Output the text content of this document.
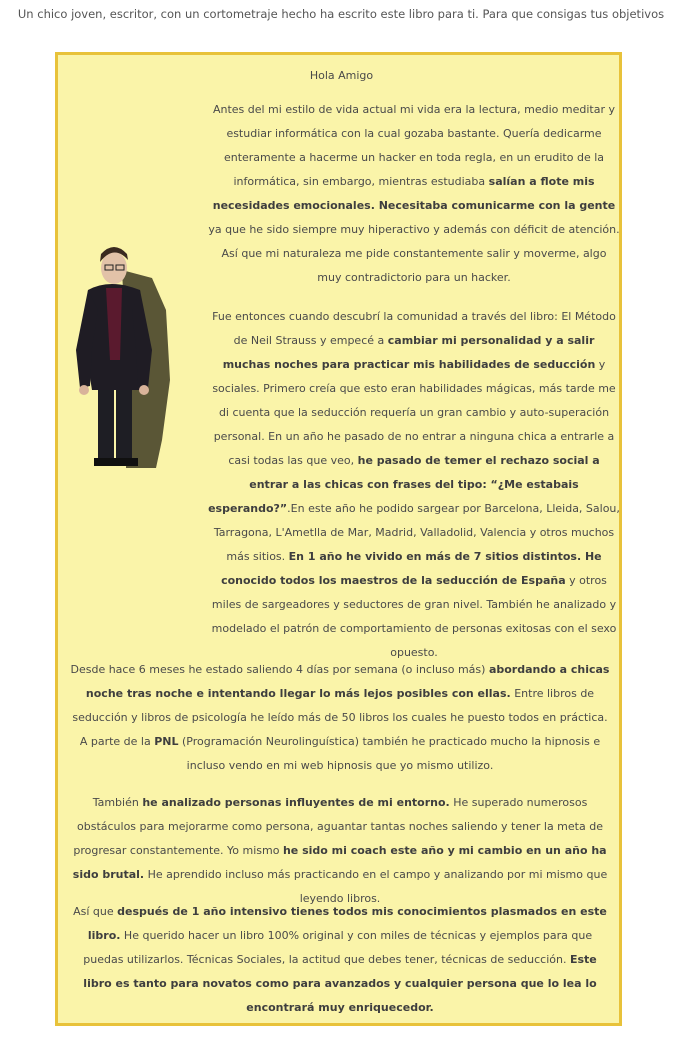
Un chico joven, escritor, con un cortometraje hecho ha escrito este libro para ti. Para que consigas tus objetivos
Hola Amigo
Antes del mi estilo de vida actual mi vida era la lectura, medio meditar y estudiar informática con la cual gozaba bastante. Quería dedicarme enteramente a hacerme un hacker en toda regla, en un erudito de la informática, sin embargo, mientras estudiaba salían a flote mis necesidades emocionales. Necesitaba comunicarme con la gente ya que he sido siempre muy hiperactivo y además con déficit de atención. Así que mi naturaleza me pide constantemente salir y moverme, algo muy contradictorio para un hacker.
Fue entonces cuando descubrí la comunidad a través del libro: El Método de Neil Strauss y empecé a cambiar mi personalidad y a salir muchas noches para practicar mis habilidades de seducción y sociales. Primero creía que esto eran habilidades mágicas, más tarde me di cuenta que la seducción requería un gran cambio y auto-superación personal. En un año he pasado de no entrar a ninguna chica a entrarle a casi todas las que veo, he pasado de temer el rechazo social a entrar a las chicas con frases del tipo: “¿Me estabais esperando?”.En este año he podido sargear por Barcelona, Lleida, Salou, Tarragona, L'Ametlla de Mar, Madrid, Valladolid, Valencia y otros muchos más sitios. En 1 año he vivido en más de 7 sitios distintos. He conocido todos los maestros de la seducción de España y otros miles de sargeadores y seductores de gran nivel. También he analizado y modelado el patrón de comportamiento de personas exitosas con el sexo opuesto.
Desde hace 6 meses he estado saliendo 4 días por semana (o incluso más) abordando a chicas noche tras noche e intentando llegar lo más lejos posibles con ellas. Entre libros de seducción y libros de psicología he leído más de 50 libros los cuales he puesto todos en práctica. A parte de la PNL (Programación Neurolinguística) también he practicado mucho la hipnosis e incluso vendo en mi web hipnosis que yo mismo utilizo.
También he analizado personas influyentes de mi entorno. He superado numerosos obstáculos para mejorarme como persona, aguantar tantas noches saliendo y tener la meta de progresar constantemente. Yo mismo he sido mi coach este año y mi cambio en un año ha sido brutal. He aprendido incluso más practicando en el campo y analizando por mi mismo que leyendo libros.
Así que después de 1 año intensivo tienes todos mis conocimientos plasmados en este libro. He querido hacer un libro 100% original y con miles de técnicas y ejemplos para que puedas utilizarlos. Técnicas Sociales, la actitud que debes tener, técnicas de seducción. Este libro es tanto para novatos como para avanzados y cualquier persona que lo lea lo encontrará muy enriquecedor.
